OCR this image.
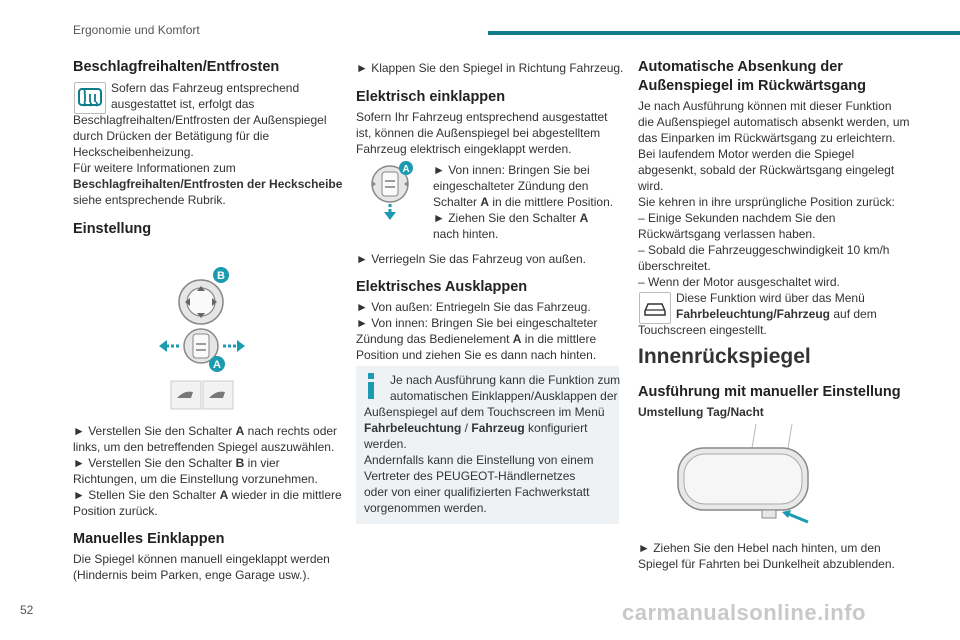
Ergonomie und Komfort
Beschlagfreihalten/Entfrosten
Sofern das Fahrzeug entsprechend
ausgestattet ist, erfolgt das
Beschlagfreihalten/Entfrosten der Außenspiegel
durch Drücken der Betätigung für die
Heckscheibenheizung.
Für weitere Informationen zum
Beschlagfreihalten/Entfrosten der Heckscheibe
siehe entsprechende Rubrik.
Einstellung
B
A
► Verstellen Sie den Schalter A nach rechts oder
links, um den betreffenden Spiegel auszuwählen.
► Verstellen Sie den Schalter B in vier
Richtungen, um die Einstellung vorzunehmen.
► Stellen Sie den Schalter A wieder in die mittlere
Position zurück.
Manuelles Einklappen
Die Spiegel können manuell eingeklappt werden
(Hindernis beim Parken, enge Garage usw.).
► Klappen Sie den Spiegel in Richtung Fahrzeug.
Elektrisch einklappen
Sofern Ihr Fahrzeug entsprechend ausgestattet
ist, können die Außenspiegel bei abgestelltem
Fahrzeug elektrisch eingeklappt werden.
A ► Von innen: Bringen Sie bei
eingeschalteter Zündung den
Schalter A in die mittlere Position.
► Ziehen Sie den Schalter A
nach hinten.
► Verriegeln Sie das Fahrzeug von außen.
Elektrisches Ausklappen
► Von außen: Entriegeln Sie das Fahrzeug.
► Von innen: Bringen Sie bei eingeschalteter
Zündung das Bedienelement A in die mittlere
Position und ziehen Sie es dann nach hinten.
Je nach Ausführung kann die Funktion zum
automatischen Einklappen/Ausklappen der
Außenspiegel auf dem Touchscreen im Menü
Fahrbeleuchtung / Fahrzeug konfiguriert
werden.
Andernfalls kann die Einstellung von einem
Vertreter des PEUGEOT-Händlernetzes
oder von einer qualifizierten Fachwerkstatt
vorgenommen werden.
Automatische Absenkung der
Außenspiegel im Rückwärtsgang
Je nach Ausführung können mit dieser Funktion
die Außenspiegel automatisch absenkt werden, um
das Einparken im Rückwärtsgang zu erleichtern.
Bei laufendem Motor werden die Spiegel
abgesenkt, sobald der Rückwärtsgang eingelegt
wird.
Sie kehren in ihre ursprüngliche Position zurück:
– Einige Sekunden nachdem Sie den
Rückwärtsgang verlassen haben.
– Sobald die Fahrzeuggeschwindigkeit 10 km/h
überschreitet.
– Wenn der Motor ausgeschaltet wird.
Diese Funktion wird über das Menü
Fahrbeleuchtung/Fahrzeug auf dem
Touchscreen eingestellt.
Innenrückspiegel
Ausführung mit manueller Einstellung
Umstellung Tag/Nacht
► Ziehen Sie den Hebel nach hinten, um den
Spiegel für Fahrten bei Dunkelheit abzublenden.
52	carmanualsonline.info
